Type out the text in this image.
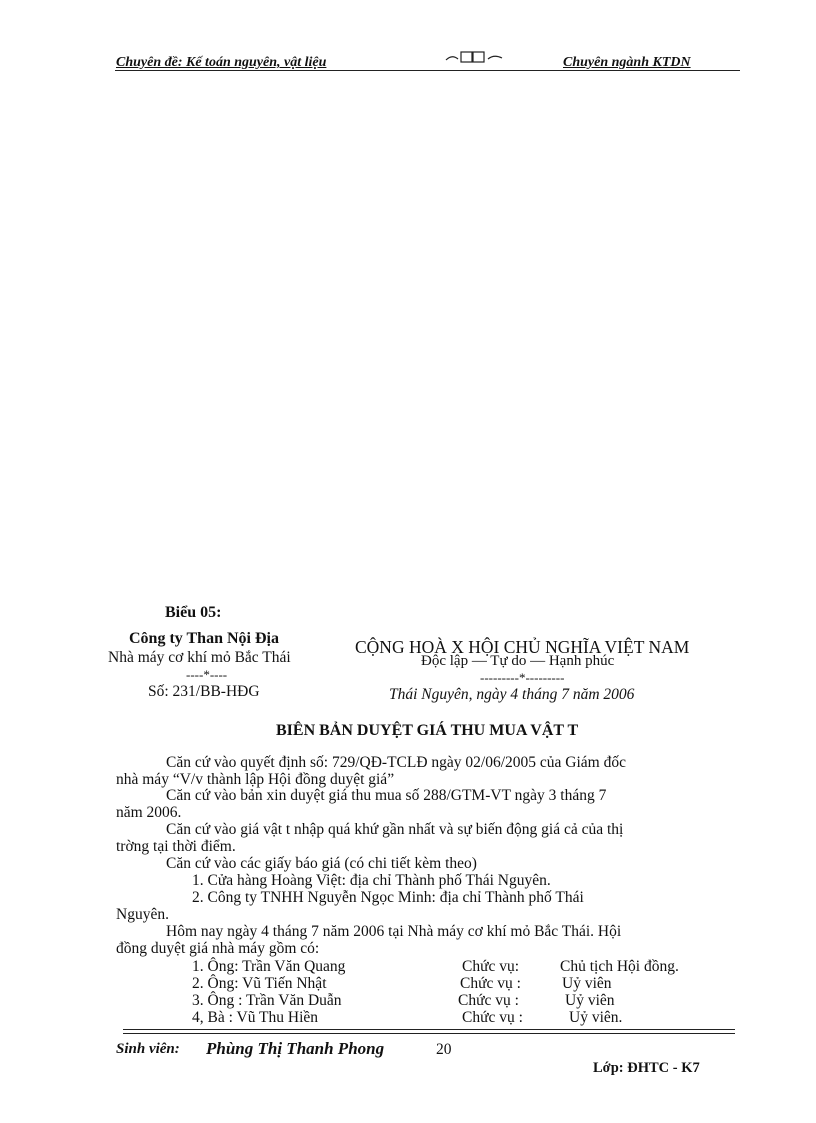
Chuyên đề: Kế toán nguyên, vật liệu	Chuyên ngành KTDN
Biểu 05:
Công ty Than Nội Địa
Nhà máy cơ khí mỏ Bắc Thái
----*----
Số: 231/BB-HĐG
CỘNG HOÀ X HỘI CHỦ NGHĨA VIỆT NAM
Độc lập — Tự do — Hạnh phúc
---------*---------
Thái Nguyên, ngày 4 tháng 7 năm 2006
BIÊN BẢN DUYỆT GIÁ THU MUA VẬT T
Căn cứ vào quyết định số: 729/QĐ-TCLĐ ngày 02/06/2005 của Giám đốc
nhà máy “V/v thành lập Hội đồng duyệt giá”
Căn cứ vào bản xin duyệt giá thu mua số 288/GTM-VT ngày 3 tháng 7
năm 2006.
Căn cứ vào giá vật t nhập quá khứ gần nhất và sự biến động giá cả của thị
trờng tại thời điểm.
Căn cứ vào các giấy báo giá (có chi tiết kèm theo)
1. Cửa hàng Hoàng Việt: địa chỉ Thành phố Thái Nguyên.
2. Công ty TNHH Nguyễn Ngọc Minh: địa chỉ Thành phố Thái
Nguyên.
Hôm nay ngày 4 tháng 7 năm 2006 tại Nhà máy cơ khí mỏ Bắc Thái. Hội
đồng duyệt giá nhà máy gồm có:
1. Ông: Trần Văn Quang	Chức vụ:	Chủ tịch Hội đồng.
2. Ông: Vũ Tiến Nhật	Chức vụ :	Uỷ viên
3. Ông : Trần Văn Duẫn	Chức vụ :	Uỷ viên
4, Bà : Vũ Thu Hiền	Chức vụ :	Uỷ viên.
Sinh viên: Phùng Thị Thanh Phong	20
Lớp: ĐHTC - K7
